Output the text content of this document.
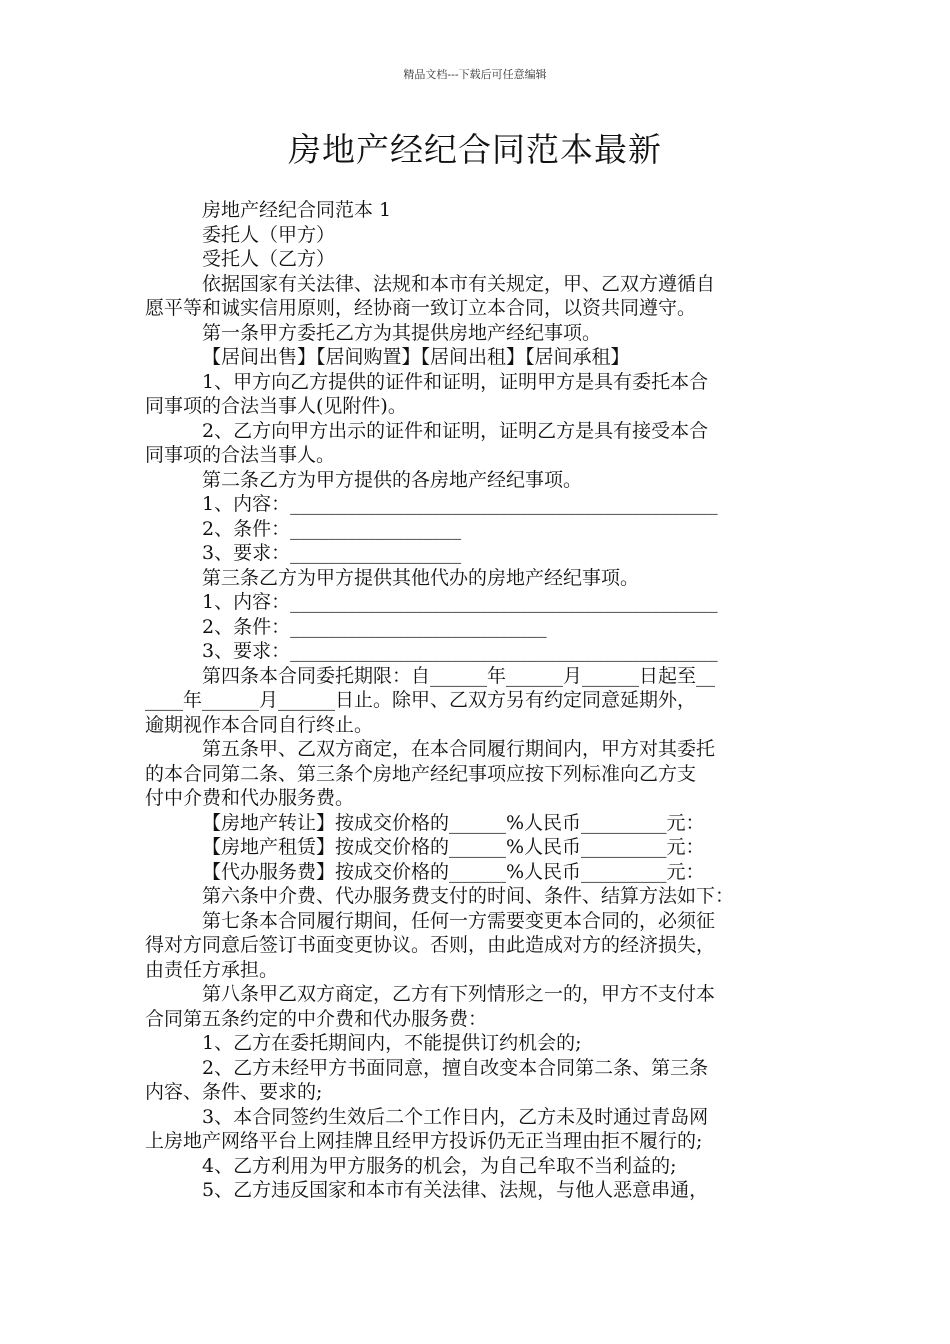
精品文档---下载后可任意编辑
房地产经纪合同范本最新

房地产经纪合同范本 1

委托人（甲方）

受托人（乙方）

依据国家有关法律、法规和本市有关规定，甲、乙双方遵循自

愿平等和诚实信用原则，经协商一致订立本合同，以资共同遵守。

第一条甲方委托乙方为其提供房地产经纪事项。

【居间出售】【居间购置】【居间出租】【居间承租】

1、甲方向乙方提供的证件和证明，证明甲方是具有委托本合

同事项的合法当事人(见附件)。

2、乙方向甲方出示的证件和证明，证明乙方是具有接受本合

同事项的合法当事人。

第二条乙方为甲方提供的各房地产经纪事项。

1、内容：_____________________________________________

2、条件：__________________

3、要求：__________________

第三条乙方为甲方提供其他代办的房地产经纪事项。

1、内容：_____________________________________________

2、条件：___________________________

3、要求：_____________________________________________

第四条本合同委托期限：自______年______月______日起至__

____年______月______日止。除甲、乙双方另有约定同意延期外，

逾期视作本合同自行终止。

第五条甲、乙双方商定，在本合同履行期间内，甲方对其委托

的本合同第二条、第三条个房地产经纪事项应按下列标准向乙方支

付中介费和代办服务费。

【房地产转让】按成交价格的______%人民币_________元：

【房地产租赁】按成交价格的______%人民币_________元：

【代办服务费】按成交价格的______%人民币_________元：

第六条中介费、代办服务费支付的时间、条件、结算方法如下：

第七条本合同履行期间，任何一方需要变更本合同的，必须征

得对方同意后签订书面变更协议。否则，由此造成对方的经济损失，

由责任方承担。

第八条甲乙双方商定，乙方有下列情形之一的，甲方不支付本

合同第五条约定的中介费和代办服务费：

1、乙方在委托期间内，不能提供订约机会的;

2、乙方未经甲方书面同意，擅自改变本合同第二条、第三条

内容、条件、要求的;

3、本合同签约生效后二个工作日内，乙方未及时通过青岛网

上房地产网络平台上网挂牌且经甲方投诉仍无正当理由拒不履行的;

4、乙方利用为甲方服务的机会，为自己牟取不当利益的;

5、乙方违反国家和本市有关法律、法规，与他人恶意串通，
